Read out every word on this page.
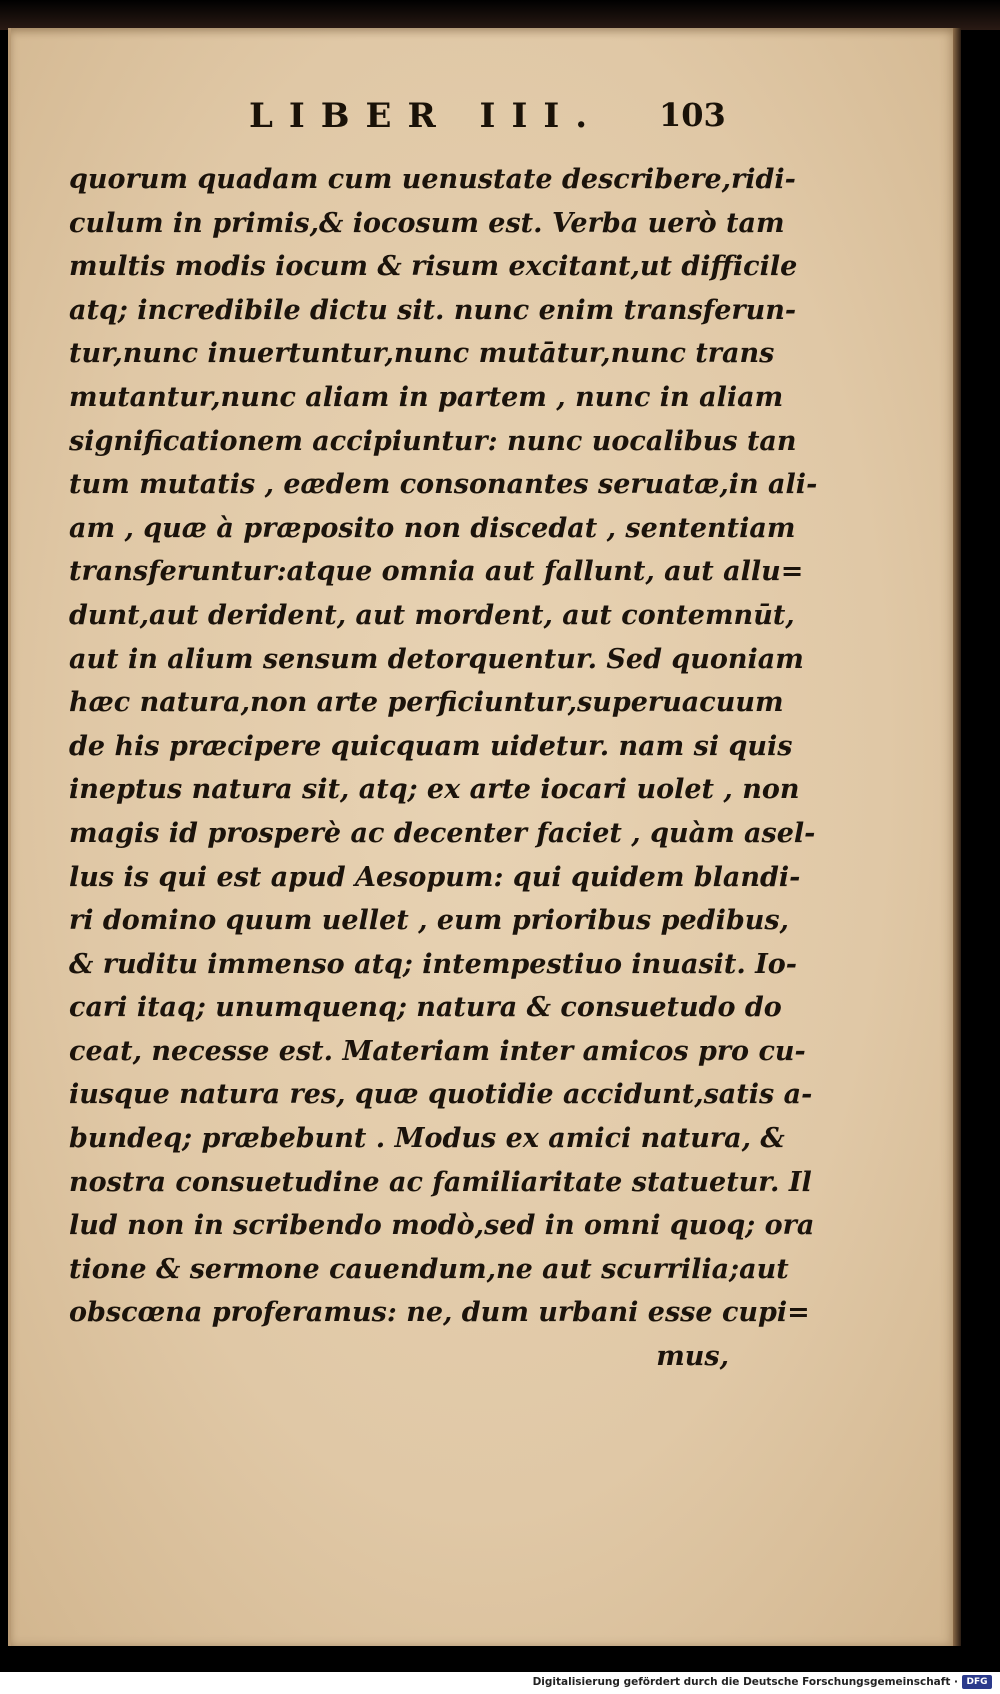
LIBER III. 103
quorum quadam cum uenustate describere,ridi-
culum in primis,& iocosum est. Verba uerò tam
multis modis iocum & risum excitant,ut difficile
atq; incredibile dictu sit. nunc enim transferun-
tur,nunc inuertuntur,nunc mutātur,nunc trans
mutantur,nunc aliam in partem , nunc in aliam
significationem accipiuntur: nunc uocalibus tan
tum mutatis , eædem consonantes seruatæ,in ali-
am , quæ à præposito non discedat , sententiam
transferuntur:atque omnia aut fallunt, aut allu=
dunt,aut derident, aut mordent, aut contemnūt,
aut in alium sensum detorquentur. Sed quoniam
hæc natura,non arte perficiuntur,superuacuum
de his præcipere quicquam uidetur. nam si quis
ineptus natura sit, atq; ex arte iocari uolet , non
magis id prosperè ac decenter faciet , quàm asel-
lus is qui est apud Aesopum: qui quidem blandi-
ri domino quum uellet , eum prioribus pedibus,
& ruditu immenso atq; intempestiuo inuasit. Io-
cari itaq; unumquenq; natura & consuetudo do
ceat, necesse est. Materiam inter amicos pro cu-
iusque natura res, quæ quotidie accidunt,satis a-
bundeq; præbebunt . Modus ex amici natura, &
nostra consuetudine ac familiaritate statuetur. Il
lud non in scribendo modò,sed in omni quoq; ora
tione & sermone cauendum,ne aut scurrilia;aut
obscœna proferamus: ne, dum urbani esse cupi=
mus,
Digitalisierung gefördert durch die Deutsche Forschungsgemeinschaft · DFG
